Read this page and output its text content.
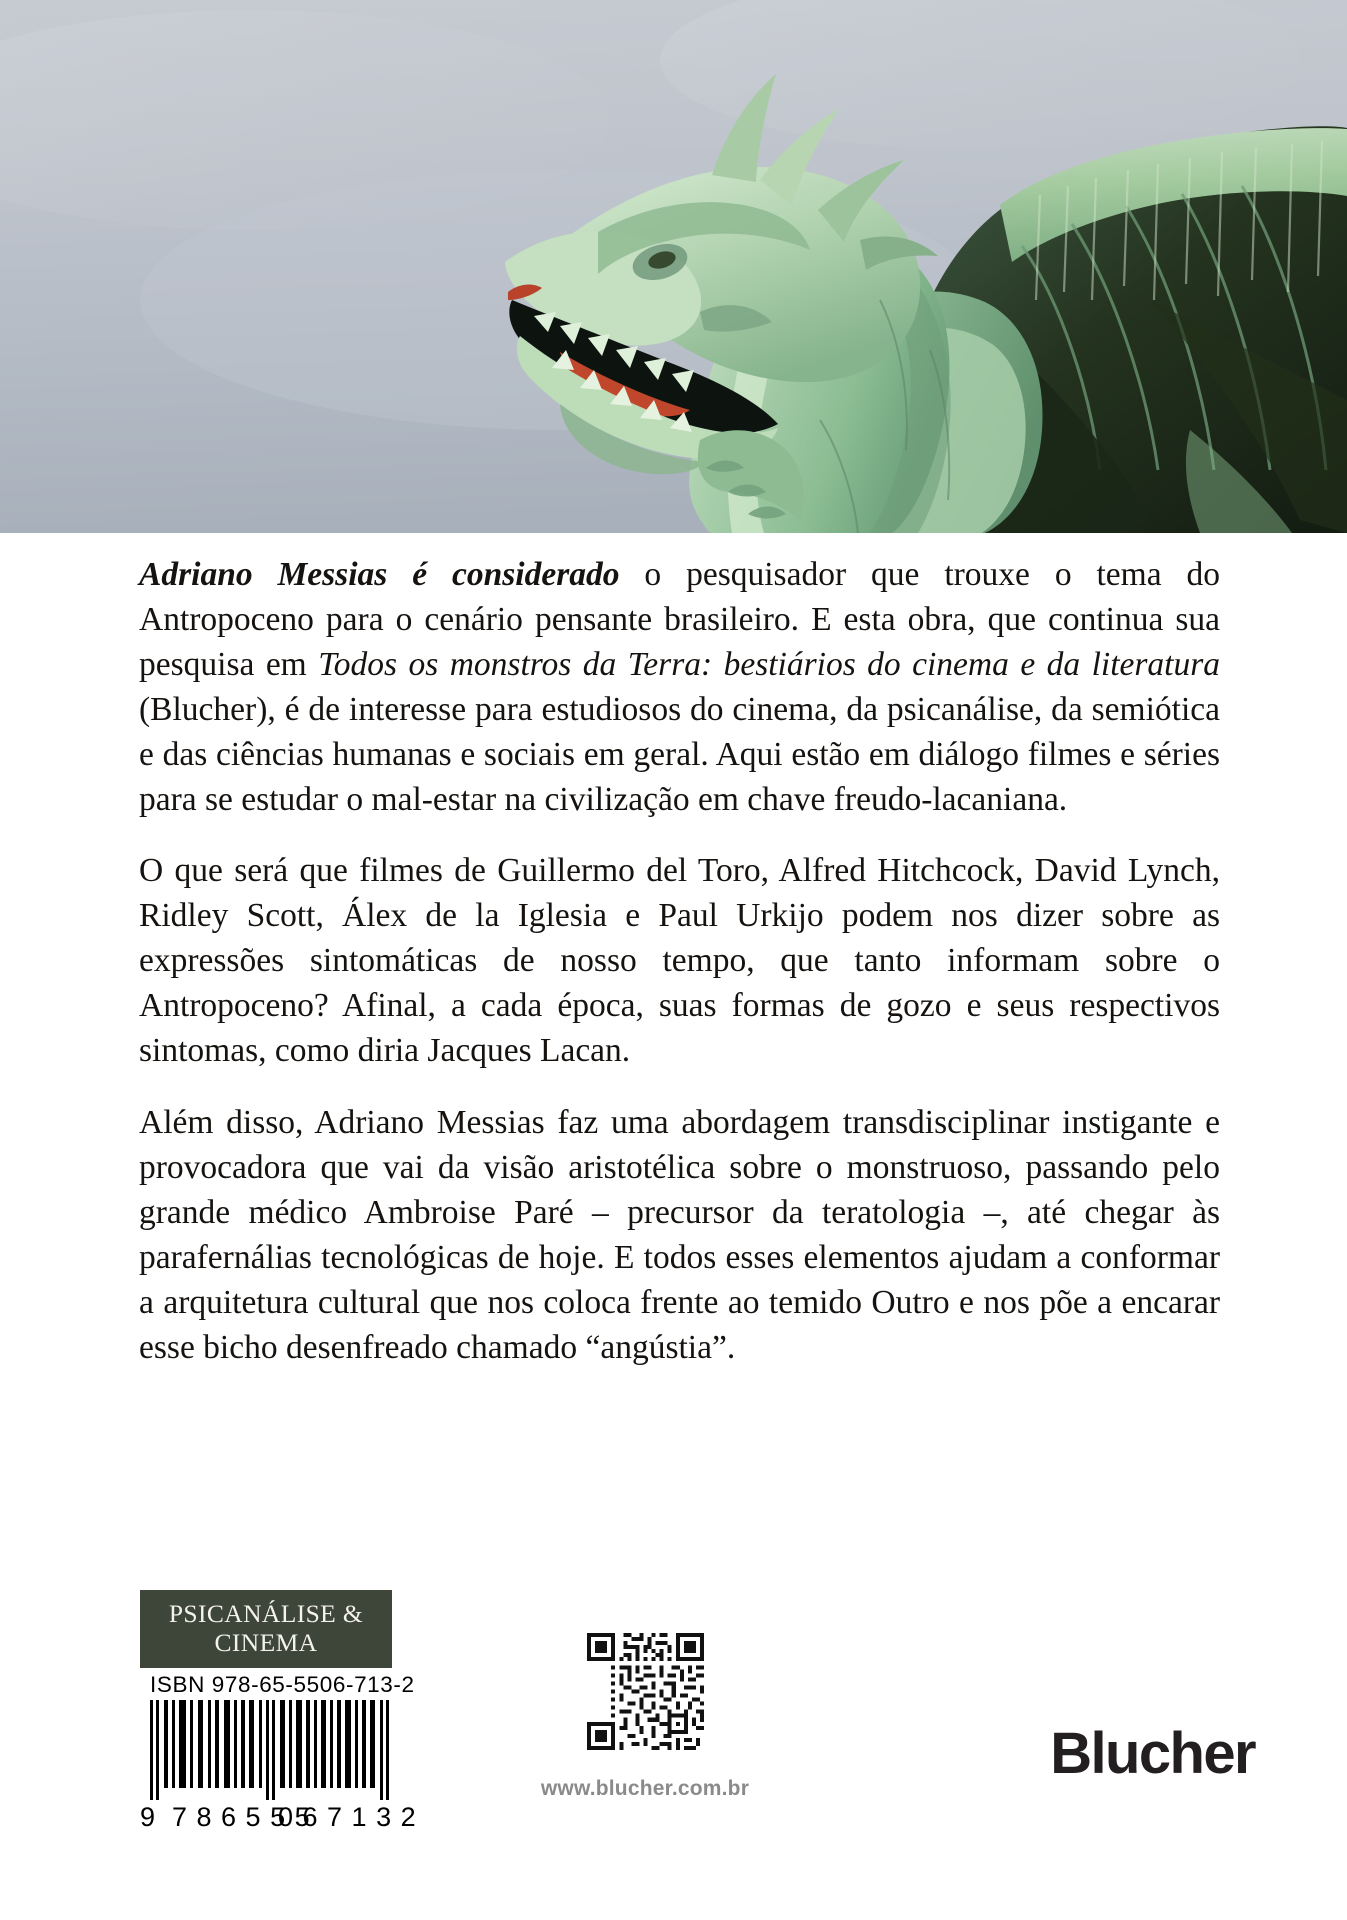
Adriano Messias é considerado o pesquisador que trouxe o tema do Antropoceno para o cenário pensante brasileiro. E esta obra, que continua sua pesquisa em Todos os monstros da Terra: bestiários do cinema e da literatura (Blucher), é de interesse para estudiosos do cinema, da psicanálise, da semiótica e das ciências humanas e sociais em geral. Aqui estão em diálogo filmes e séries para se estudar o mal-estar na civilização em chave freudo-lacaniana.

O que será que filmes de Guillermo del Toro, Alfred Hitchcock, David Lynch, Ridley Scott, Álex de la Iglesia e Paul Urkijo podem nos dizer sobre as expressões sintomáticas de nosso tempo, que tanto informam sobre o Antropoceno? Afinal, a cada época, suas formas de gozo e seus respectivos sintomas, como diria Jacques Lacan.

Além disso, Adriano Messias faz uma abordagem transdisciplinar instigante e provocadora que vai da visão aristotélica sobre o monstruoso, passando pelo grande médico Ambroise Paré – precursor da teratologia –, até chegar às parafernálias tecnológicas de hoje. E todos esses elementos ajudam a conformar a arquitetura cultural que nos coloca frente ao temido Outro e nos põe a encarar esse bicho desenfreado chamado “angústia”.

PSICANÁLISE &
CINEMA
ISBN 978-65-5506-713-2
9 786555
067132
www.blucher.com.br
Blucher
